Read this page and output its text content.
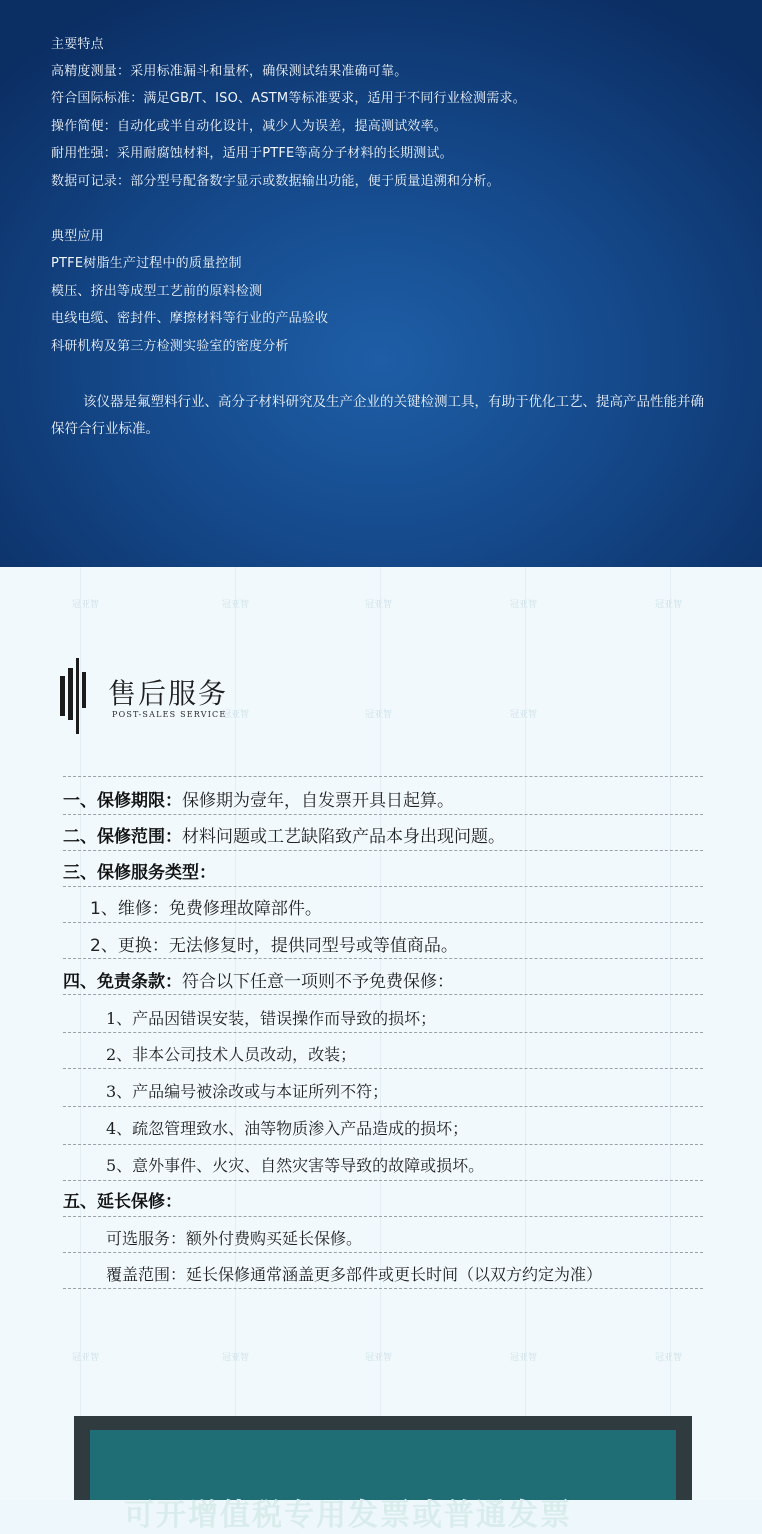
主要特点
高精度测量：采用标准漏斗和量杯，确保测试结果准确可靠。
符合国际标准：满足GB/T、ISO、ASTM等标准要求，适用于不同行业检测需求。
操作简便：自动化或半自动化设计，减少人为误差，提高测试效率。
耐用性强：采用耐腐蚀材料，适用于PTFE等高分子材料的长期测试。
数据可记录：部分型号配备数字显示或数据输出功能，便于质量追溯和分析。
典型应用
PTFE树脂生产过程中的质量控制
模压、挤出等成型工艺前的原料检测
电线电缆、密封件、摩擦材料等行业的产品验收
科研机构及第三方检测实验室的密度分析
该仪器是氟塑料行业、高分子材料研究及生产企业的关键检测工具，有助于优化工艺、提高产品性能并确保符合行业标准。
冠亚智	冠亚智	冠亚智	冠亚智	冠亚智
冠亚智	冠亚智	冠亚智
冠亚智	冠亚智	冠亚智	冠亚智	冠亚智
售后服务
POST-SALES SERVICE
一、保修期限：保修期为壹年，自发票开具日起算。
二、保修范围：材料问题或工艺缺陷致产品本身出现问题。
三、保修服务类型：
1、维修：免费修理故障部件。
2、更换：无法修复时，提供同型号或等值商品。
四、免责条款：符合以下任意一项则不予免费保修：
1、产品因错误安装，错误操作而导致的损坏；
2、非本公司技术人员改动，改装；
3、产品编号被涂改或与本证所列不符；
4、疏忽管理致水、油等物质渗入产品造成的损坏；
5、意外事件、火灾、自然灾害等导致的故障或损坏。
五、延长保修：
可选服务：额外付费购买延长保修。
覆盖范围：延长保修通常涵盖更多部件或更长时间（以双方约定为准）
可开增值税专用发票或普通发票
